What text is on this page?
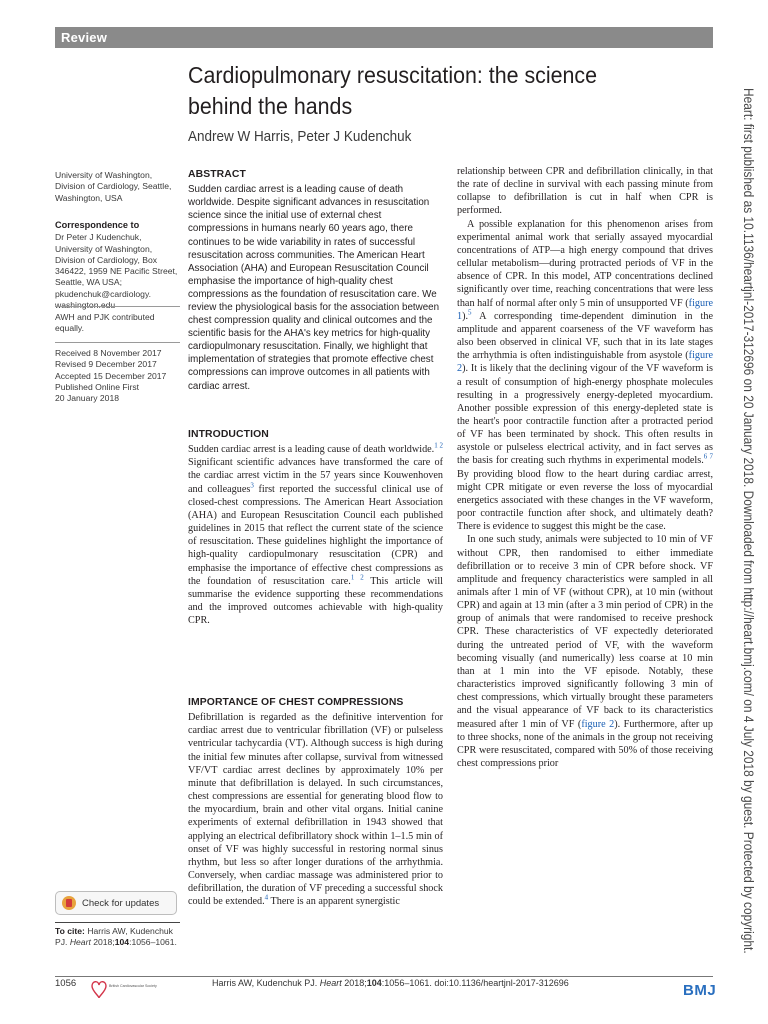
Review
Cardiopulmonary resuscitation: the science behind the hands
Andrew W Harris, Peter J Kudenchuk
University of Washington, Division of Cardiology, Seattle, Washington, USA
Correspondence to
Dr Peter J Kudenchuk, University of Washington, Division of Cardiology, Box 346422, 1959 NE Pacific Street, Seattle, WA USA; pkudenchuk@cardiology.
AWH and PJK contributed equally.
Received 8 November 2017
Revised 9 December 2017
Accepted 15 December 2017
Published Online First
20 January 2018
Check for updates
To cite: Harris AW, Kudenchuk PJ. Heart 2018;104:1056–1061.
ABSTRACT
Sudden cardiac arrest is a leading cause of death worldwide. Despite significant advances in resuscitation science since the initial use of external chest compressions in humans nearly 60 years ago, there continues to be wide variability in rates of successful resuscitation across communities. The American Heart Association (AHA) and European Resuscitation Council emphasise the importance of high-quality chest compressions as the foundation of resuscitation care. We review the physiological basis for the association between chest compression quality and clinical outcomes and the scientific basis for the AHA's key metrics for high-quality cardiopulmonary resuscitation. Finally, we highlight that implementation of strategies that promote effective chest compressions can improve outcomes in all patients with cardiac arrest.
INTRODUCTION

Sudden cardiac arrest is a leading cause of death worldwide.$^{1 2}$ Significant scientific advances have transformed the care of the cardiac arrest victim in the 57 years since Kouwenhoven and colleagues$^3$ first reported the successful clinical use of closed-chest compressions. The American Heart Association (AHA) and European Resuscitation Council each published guidelines in 2015 that reflect the current state of the science of resuscitation. These guidelines highlight the importance of high-quality cardiopulmonary resuscitation (CPR) and emphasise the importance of effective chest compressions as the foundation of resuscitation care.$^{1 2}$ This article will summarise the evidence supporting these recommendations and the improved outcomes achievable with high-quality CPR.

IMPORTANCE OF CHEST COMPRESSIONS

Defibrillation is regarded as the definitive intervention for cardiac arrest due to ventricular fibrillation (VF) or pulseless ventricular tachycardia (VT). Although success is high during the initial few minutes after collapse, survival from witnessed VF/VT cardiac arrest declines by approximately 10% per minute that defibrillation is delayed. In such circumstances, chest compressions are essential for generating blood flow to the myocardium, brain and other vital organs. Initial canine experiments of external defibrillation in 1943 showed that applying an electrical defibrillatory shock within 1–1.5 min of onset of VF was highly successful in restoring normal sinus rhythm, but less so after longer durations of the arrhythmia. Conversely, when cardiac massage was administered prior to defibrillation, the duration of VF preceding a successful shock could be extended.$^4$ There is an apparent synergistic

relationship between CPR and defibrillation clinically, in that the rate of decline in survival with each passing minute from collapse to defibrillation is cut in half when CPR is performed.

A possible explanation for this phenomenon arises from experimental animal work that serially assayed myocardial concentrations of ATP—a high energy compound that drives cellular metabolism—during protracted periods of VF in the absence of CPR. In this model, ATP concentrations declined significantly over time, reaching concentrations that were less than half of normal after only 5 min of unsupported VF (figure 1).$^5$ A corresponding time-dependent diminution in the amplitude and apparent coarseness of the VF waveform has also been observed in clinical VF, such that in its late stages the arrhythmia is often indistinguishable from asystole (figure 2). It is likely that the declining vigour of the VF waveform is a result of consumption of high-energy phosphate molecules resulting in a progressively energy-depleted myocardium. Another possible expression of this energy-depleted state is the heart's poor contractile function after a protracted period of VF has been terminated by shock. This often results in asystole or pulseless electrical activity, and in fact serves as the basis for creating such rhythms in experimental models.$^{6 7}$ By providing blood flow to the heart during cardiac arrest, might CPR mitigate or even reverse the loss of myocardial energetics associated with these changes in the VF waveform, poor contractile function after shock, and ultimately death? There is evidence to suggest this might be the case.

In one such study, animals were subjected to 10 min of VF without CPR, then randomised to either immediate defibrillation or to receive 3 min of CPR before shock. VF amplitude and frequency characteristics were sampled in all animals after 1 min of VF (without CPR), at 10 min (without CPR) and again at 13 min (after a 3 min period of CPR) in the group of animals that were randomised to receive preshock CPR. These characteristics of VF expectedly deteriorated during the untreated period of VF, with the waveform becoming visually (and numerically) less coarse at 10 min than at 1 min into the VF episode. Notably, these characteristics improved significantly following 3 min of chest compressions, which virtually brought these parameters and the visual appearance of VF back to its characteristics measured after 1 min of VF (figure 2). Furthermore, after up to three shocks, none of the animals in the group not receiving CPR were resuscitated, compared with 50% of those receiving chest compressions prior

Heart: first published as 10.1136/heartjnl-2017-312696 on 20 January 2018. Downloaded from http://heart.bmj.com/ on 4 July 2018 by guest. Protected by copyright.
1056	British Cardiovascular Society	Harris AW, Kudenchuk PJ. Heart 2018;104:1056–1061. doi:10.1136/heartjnl-2017-312696	BMJ
